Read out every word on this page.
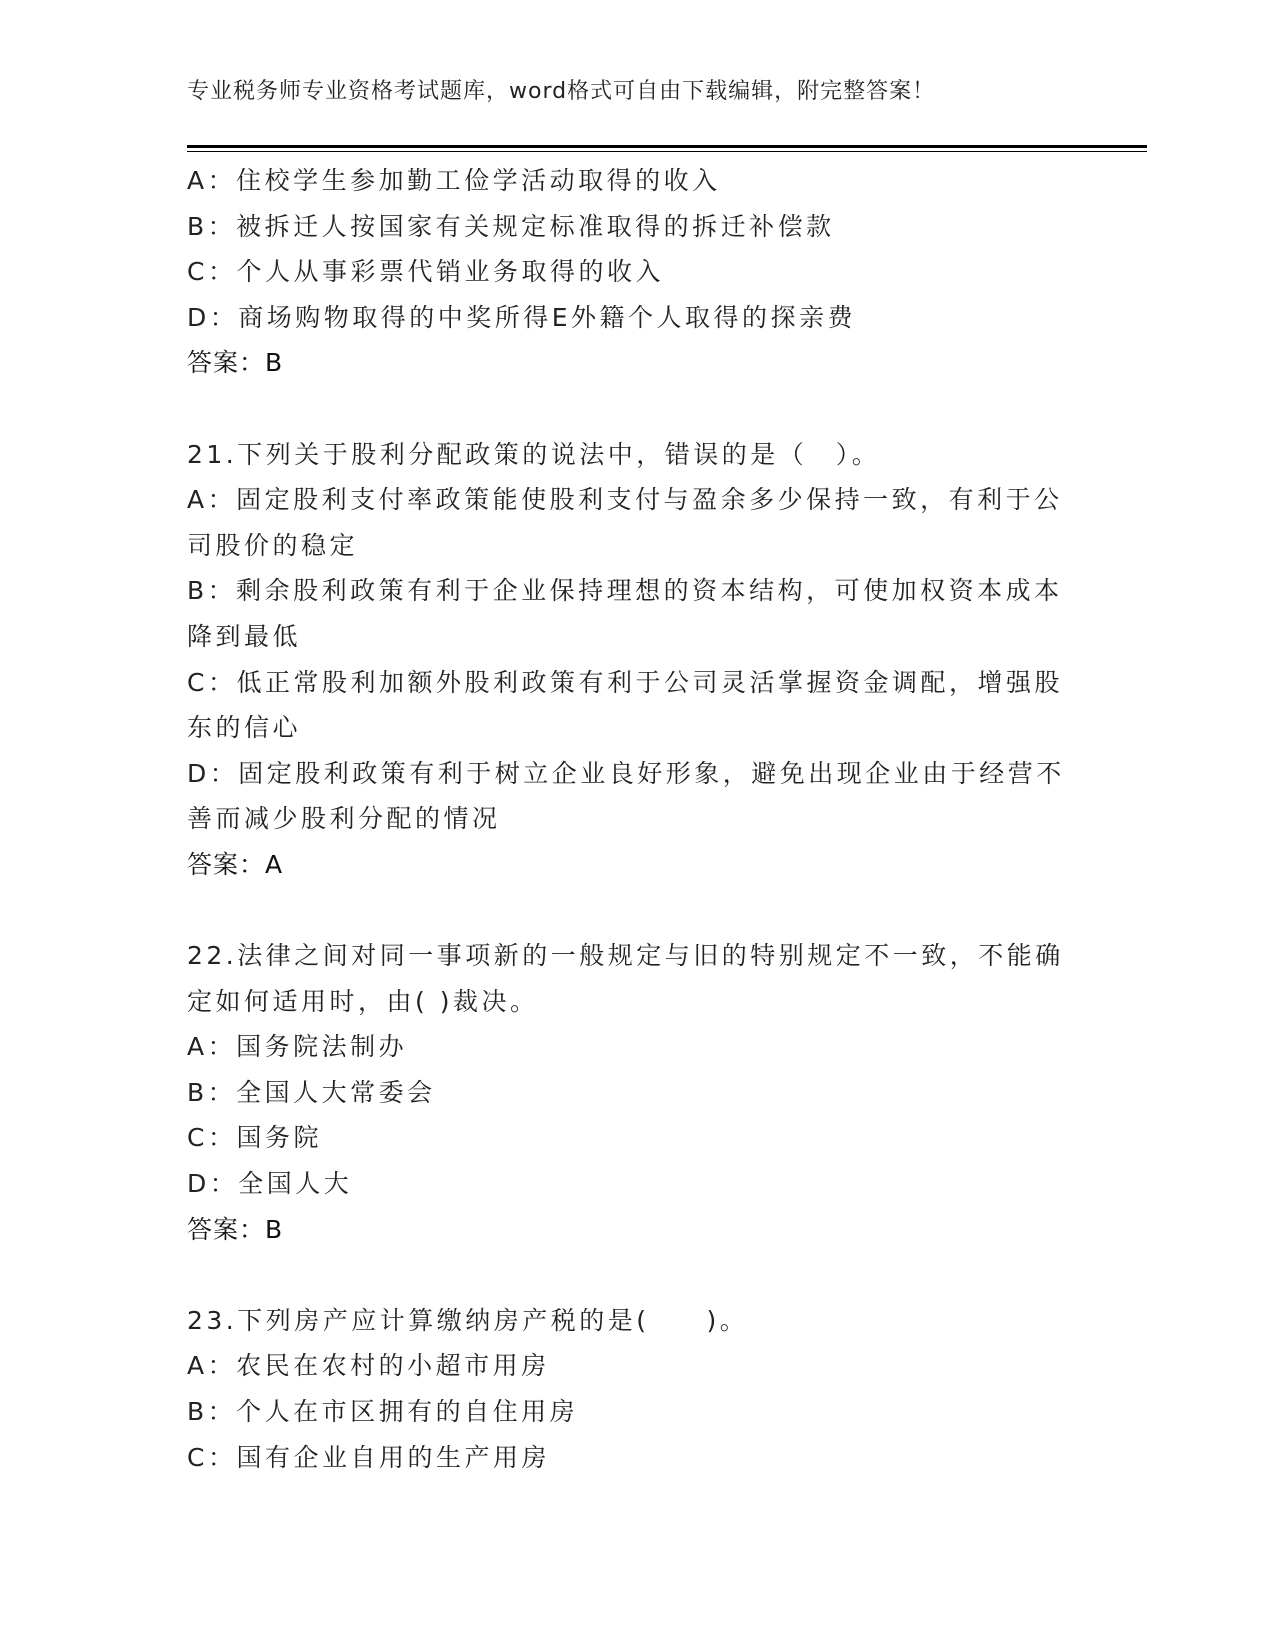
专业税务师专业资格考试题库，word格式可自由下载编辑，附完整答案！
A：住校学生参加勤工俭学活动取得的收入
B：被拆迁人按国家有关规定标准取得的拆迁补偿款
C：个人从事彩票代销业务取得的收入
D：商场购物取得的中奖所得E外籍个人取得的探亲费
答案：B
21.下列关于股利分配政策的说法中，错误的是（　）。
A：固定股利支付率政策能使股利支付与盈余多少保持一致，有利于公
司股价的稳定
B：剩余股利政策有利于企业保持理想的资本结构，可使加权资本成本
降到最低
C：低正常股利加额外股利政策有利于公司灵活掌握资金调配，增强股
东的信心
D：固定股利政策有利于树立企业良好形象，避免出现企业由于经营不
善而减少股利分配的情况
答案：A
22.法律之间对同一事项新的一般规定与旧的特别规定不一致，不能确
定如何适用时，由( )裁决。
A：国务院法制办
B：全国人大常委会
C：国务院
D：全国人大
答案：B
23.下列房产应计算缴纳房产税的是(　　)。
A：农民在农村的小超市用房
B：个人在市区拥有的自住用房
C：国有企业自用的生产用房
